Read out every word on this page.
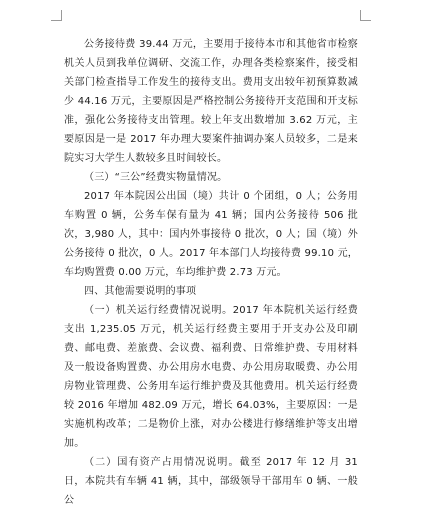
公务接待费 39.44 万元，主要用于接待本市和其他省市检察机关人员到我单位调研、交流工作，办理各类检察案件，接受相关部门检查指导工作发生的接待支出。费用支出较年初预算数减少 44.16 万元，主要原因是严格控制公务接待开支范围和开支标准，强化公务接待支出管理。较上年支出数增加 3.62 万元，主要原因是一是 2017 年办理大要案件抽调办案人员较多，二是来院实习大学生人数较多且时间较长。

（三）“三公”经费实物量情况。

2017 年本院因公出国（境）共计 0 个团组，0 人；公务用车购置 0 辆，公务车保有量为 41 辆；国内公务接待 506 批次，3,980 人，其中：国内外事接待 0 批次，0 人；国（境）外公务接待 0 批次，0 人。2017 年本部门人均接待费 99.10 元，车均购置费 0.00 万元，车均维护费 2.73 万元。

四、其他需要说明的事项

（一）机关运行经费情况说明。2017 年本院机关运行经费支出 1,235.05 万元，机关运行经费主要用于开支办公及印刷费、邮电费、差旅费、会议费、福利费、日常维护费、专用材料及一般设备购置费、办公用房水电费、办公用房取暖费、办公用房物业管理费、公务用车运行维护费及其他费用。机关运行经费较 2016 年增加 482.09 万元，增长 64.03%，主要原因：一是实施机构改革；二是物价上涨，对办公楼进行修缮维护等支出增加。

（二）国有资产占用情况说明。截至 2017 年 12 月 31 日，本院共有车辆 41 辆，其中，部级领导干部用车 0 辆、一般公
